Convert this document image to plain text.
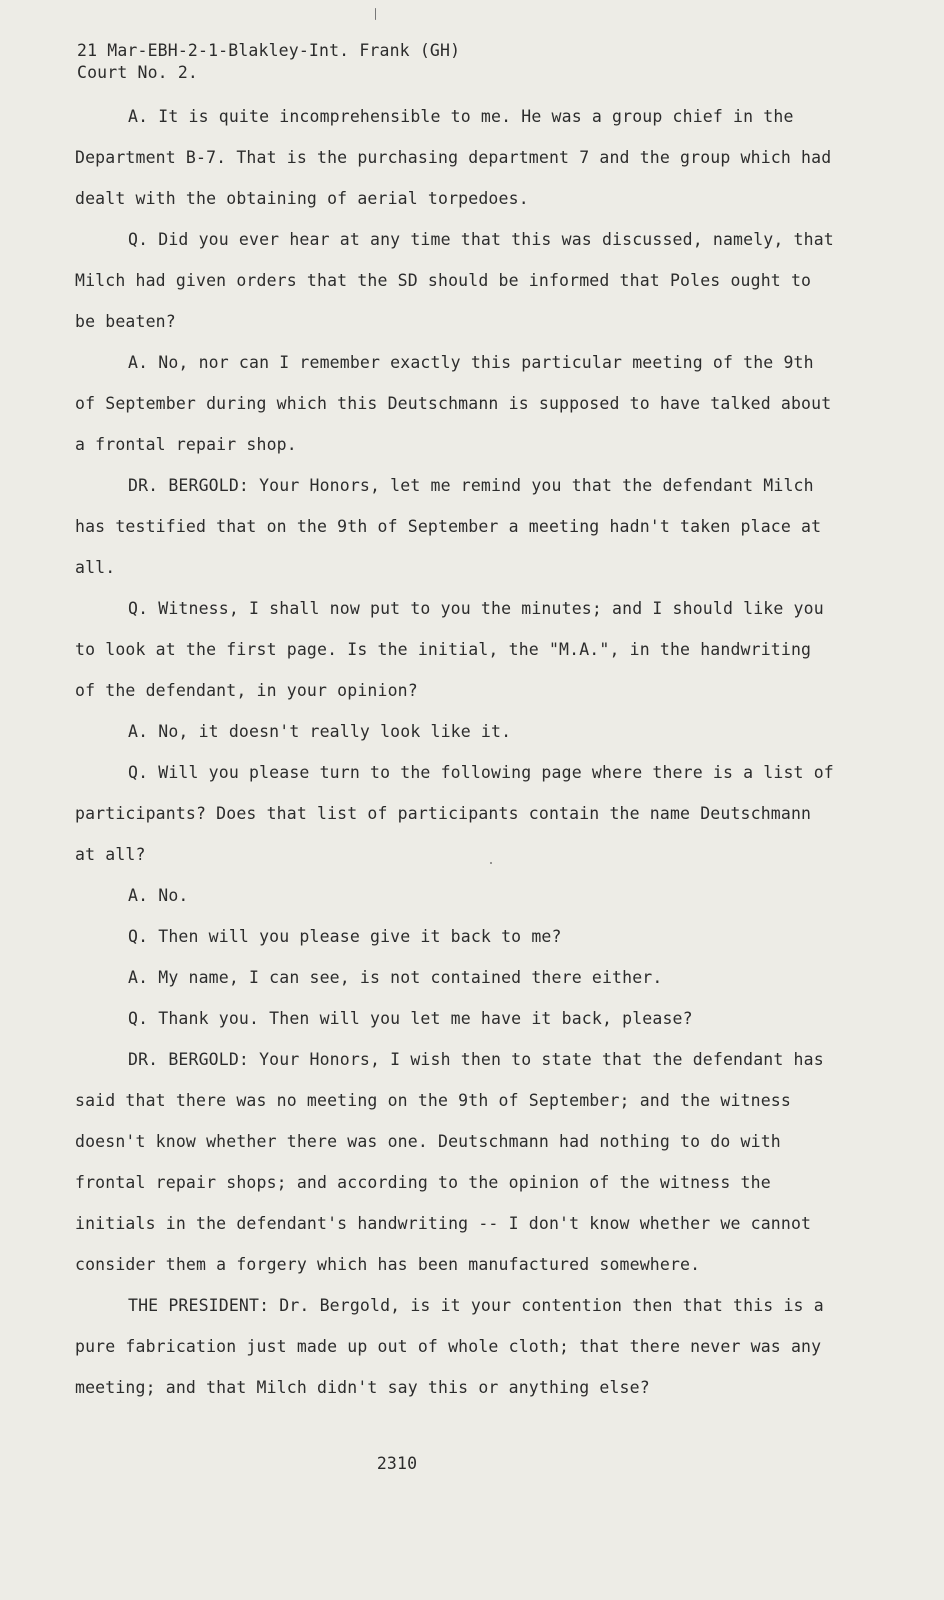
21 Mar-EBH-2-1-Blakley-Int. Frank (GH)
Court No. 2.

A. It is quite incomprehensible to me. He was a group chief in the Department B-7. That is the purchasing department 7 and the group which had dealt with the obtaining of aerial torpedoes.

Q. Did you ever hear at any time that this was discussed, namely, that Milch had given orders that the SD should be informed that Poles ought to be beaten?

A. No, nor can I remember exactly this particular meeting of the 9th of September during which this Deutschmann is supposed to have talked about a frontal repair shop.

DR. BERGOLD: Your Honors, let me remind you that the defendant Milch has testified that on the 9th of September a meeting hadn't taken place at all.

Q. Witness, I shall now put to you the minutes; and I should like you to look at the first page. Is the initial, the "M.A.", in the handwriting of the defendant, in your opinion?

A. No, it doesn't really look like it.

Q. Will you please turn to the following page where there is a list of participants? Does that list of participants contain the name Deutschmann at all?

A. No.

Q. Then will you please give it back to me?

A. My name, I can see, is not contained there either.

Q. Thank you. Then will you let me have it back, please?

DR. BERGOLD: Your Honors, I wish then to state that the defendant has said that there was no meeting on the 9th of September; and the witness doesn't know whether there was one. Deutschmann had nothing to do with frontal repair shops; and according to the opinion of the witness the initials in the defendant's handwriting -- I don't know whether we cannot consider them a forgery which has been manufactured somewhere.

THE PRESIDENT: Dr. Bergold, is it your contention then that this is a pure fabrication just made up out of whole cloth; that there never was any meeting; and that Milch didn't say this or anything else?

2310
